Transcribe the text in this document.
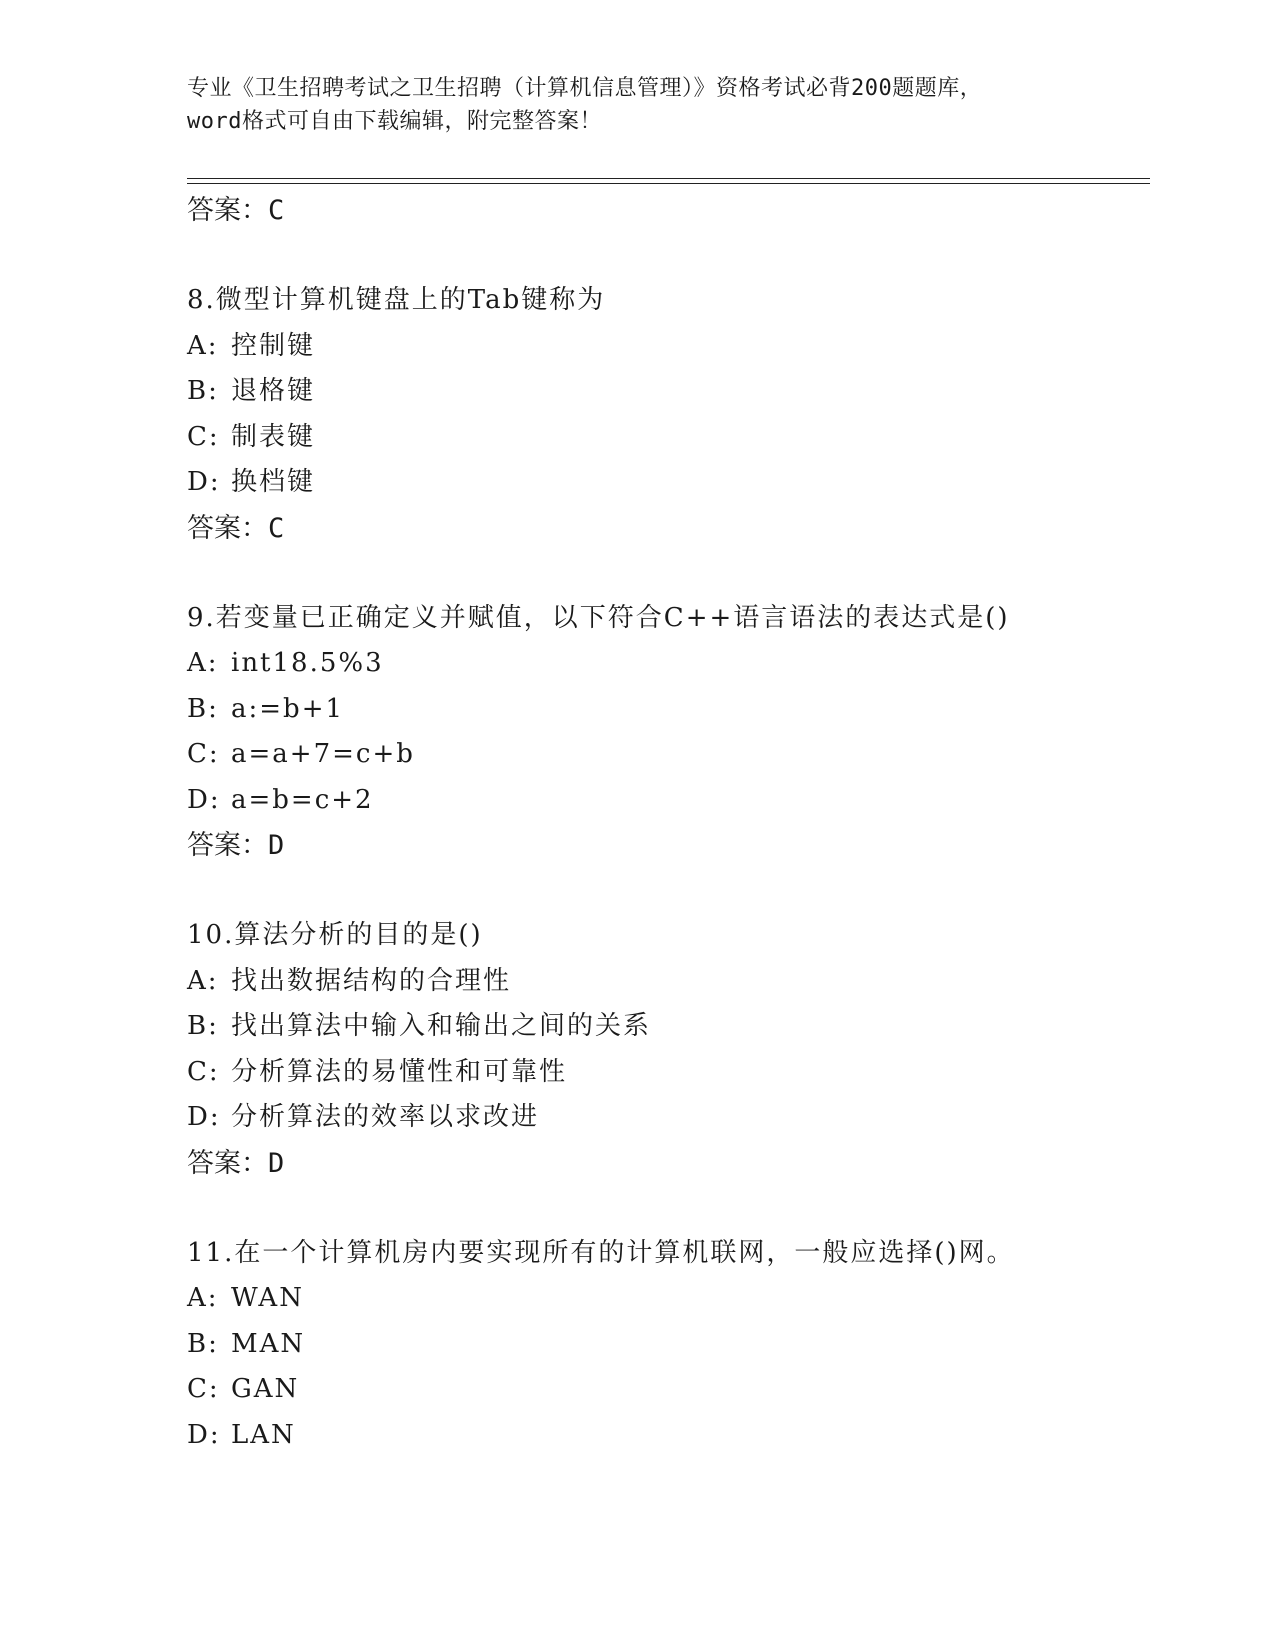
专业《卫生招聘考试之卫生招聘（计算机信息管理）》资格考试必背200题题库，
word格式可自由下载编辑，附完整答案！
答案：C
8.微型计算机键盘上的Tab键称为
A: 控制键
B: 退格键
C: 制表键
D: 换档键
答案：C
9.若变量已正确定义并赋值，以下符合C++语言语法的表达式是()
A: int18.5%3
B: a:=b+1
C: a=a+7=c+b
D: a=b=c+2
答案：D
10.算法分析的目的是()
A: 找出数据结构的合理性
B: 找出算法中输入和输出之间的关系
C: 分析算法的易懂性和可靠性
D: 分析算法的效率以求改进
答案：D
11.在一个计算机房内要实现所有的计算机联网，一般应选择()网。
A: WAN
B: MAN
C: GAN
D: LAN
